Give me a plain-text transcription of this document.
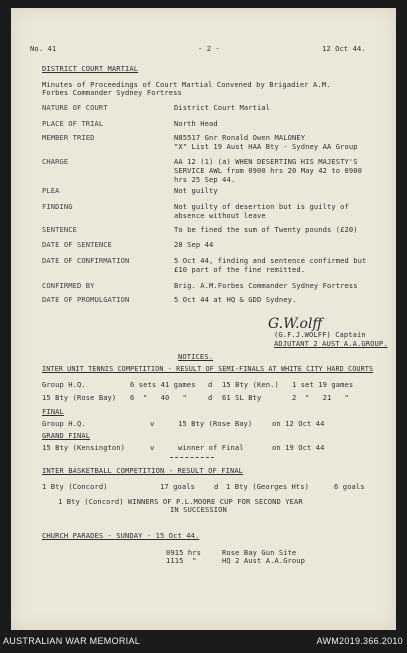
No. 41	- 2 -	12 Oct 44.
DISTRICT COURT MARTIAL
Minutes of Proceedings of Court Martial Convened by Brigadier A.M.
Forbes Commander Sydney Fortress
NATURE OF COURT	District Court Martial
PLACE OF TRIAL	North Head
MEMBER TRIED	N85517 Gnr Ronald Owen MALONEY
"X" List 19 Aust HAA Bty - Sydney AA Group
CHARGE	AA 12 (1) (a) WHEN DESERTING HIS MAJESTY'S
SERVICE AWL from 0900 hrs 20 May 42 to 0900
hrs 25 Sep 44.
PLEA	Not guilty
FINDING	Not guilty of desertion but is guilty of
absence without leave
SENTENCE	To be fined the sum of Twenty pounds (£20)
DATE OF SENTENCE	28 Sep 44
DATE OF CONFIRMATION	5 Oct 44, finding and sentence confirmed but
£10 part of the fine remitted.
CONFIRMED BY	Brig. A.M.Forbes Commander Sydney Fortress
DATE OF PROMULGATION	5 Oct 44 at HQ & GDD Sydney.
G.W.olff
(G.F.J.WOLFF) Captain
ADJUTANT 2 AUST A.A.GROUP.
NOTICES.
INTER UNIT TENNIS COMPETITION - RESULT OF SEMI-FINALS AT WHITE CITY HARD COURTS
Group H.Q.	6 sets 41 games d 15 Bty (Ken.) 1 set 19 games
15 Bty (Rose Bay) 6  "   40   "	d 61 SL Bty	2  "   21   "
FINAL
Group H.Q.	v	15 Bty (Rose Bay)	on 12 Oct 44
GRAND FINAL
15 Bty (Kensington)	v	winner of Final	on 19 Oct 44
INTER BASKETBALL COMPETITION - RESULT OF FINAL
1 Bty (Concord)	17 goals	d 1 Bty (Georges Hts)	6 goals
1 Bty (Concord) WINNERS OF P.L.MOORE CUP FOR SECOND YEAR
IN SUCCESSION
CHURCH PARADES - SUNDAY - 15 Oct 44.
0915 hrs	Rose Bay Gun Site
1115  "	HQ 2 Aust A.A.Group
AUSTRALIAN WAR MEMORIAL	AWM2019.366.2010
